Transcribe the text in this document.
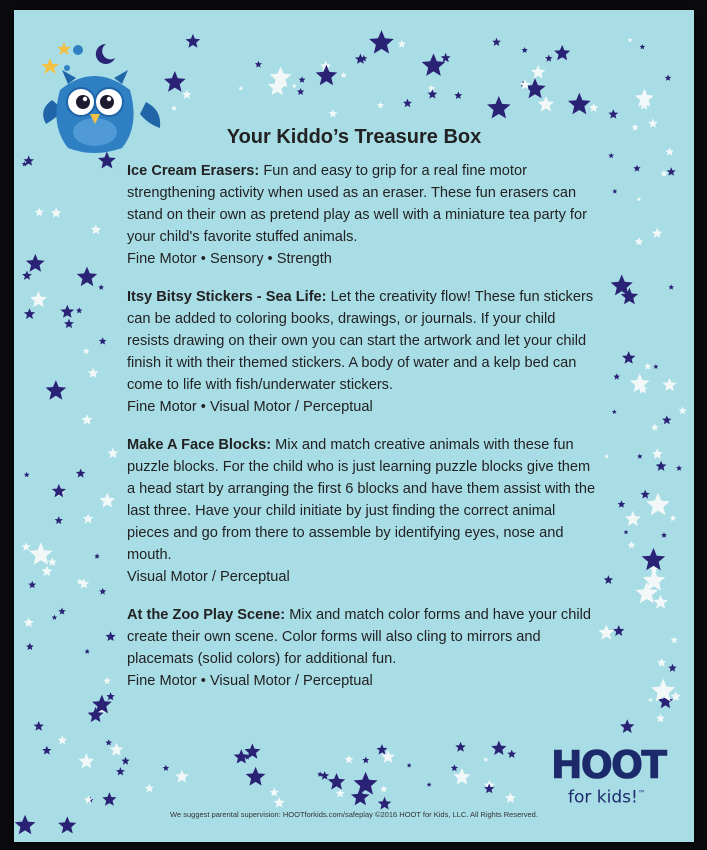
Your Kiddo’s Treasure Box
Ice Cream Erasers: Fun and easy to grip for a real fine motor strengthening activity when used as an eraser. These fun erasers can stand on their own as pretend play as well with a miniature tea party for your child's favorite stuffed animals.
Fine Motor • Sensory • Strength
Itsy Bitsy Stickers - Sea Life: Let the creativity flow! These fun stickers can be added to coloring books, drawings, or journals. If your child resists drawing on their own you can start the artwork and let your child finish it with their themed stickers. A body of water and a kelp bed can come to life with fish/underwater stickers.
Fine Motor • Visual Motor / Perceptual
Make A Face Blocks: Mix and match creative animals with these fun puzzle blocks. For the child who is just learning puzzle blocks give them a head start by arranging the first 6 blocks and have them assist with the last three. Have your child initiate by just finding the correct animal pieces and go from there to assemble by identifying eyes, nose and mouth.
Visual Motor / Perceptual
At the Zoo Play Scene: Mix and match color forms and have your child create their own scene. Color forms will also cling to mirrors and placemats (solid colors) for additional fun.
Fine Motor • Visual Motor / Perceptual
HOOT
for kids!™
We suggest parental supervision: HOOTforkids.com/safeplay ©2016 HOOT for Kids, LLC. All Rights Reserved.
